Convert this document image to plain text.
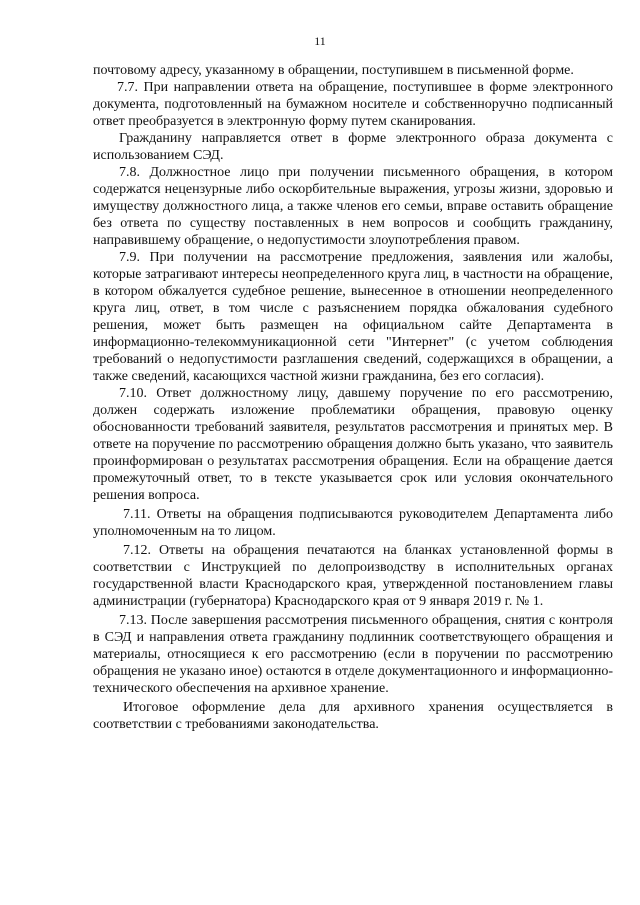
11

почтовому адресу, указанному в обращении, поступившем в письменной форме.

7.7. При направлении ответа на обращение, поступившее в форме электронного документа, подготовленный на бумажном носителе и собственноручно подписанный ответ преобразуется в электронную форму путем сканирования.

Гражданину направляется ответ в форме электронного образа документа с использованием СЭД.

7.8. Должностное лицо при получении письменного обращения, в котором содержатся нецензурные либо оскорбительные выражения, угрозы жизни, здоровью и имуществу должностного лица, а также членов его семьи, вправе оставить обращение без ответа по существу поставленных в нем вопросов и сообщить гражданину, направившему обращение, о недопустимости злоупотребления правом.

7.9. При получении на рассмотрение предложения, заявления или жалобы, которые затрагивают интересы неопределенного круга лиц, в частности на обращение, в котором обжалуется судебное решение, вынесенное в отношении неопределенного круга лиц, ответ, в том числе с разъяснением порядка обжалования судебного решения, может быть размещен на официальном сайте Департамента в информационно-телекоммуникационной сети "Интернет" (с учетом соблюдения требований о недопустимости разглашения сведений, содержащихся в обращении, а также сведений, касающихся частной жизни гражданина, без его согласия).

7.10. Ответ должностному лицу, давшему поручение по его рассмотрению, должен содержать изложение проблематики обращения, правовую оценку обоснованности требований заявителя, результатов рассмотрения и принятых мер. В ответе на поручение по рассмотрению обращения должно быть указано, что заявитель проинформирован о результатах рассмотрения обращения. Если на обращение дается промежуточный ответ, то в тексте указывается срок или условия окончательного решения вопроса.

7.11. Ответы на обращения подписываются руководителем Департамента либо уполномоченным на то лицом.

7.12. Ответы на обращения печатаются на бланках установленной формы в соответствии с Инструкцией по делопроизводству в исполнительных органах государственной власти Краснодарского края, утвержденной постановлением главы администрации (губернатора) Краснодарского края от 9 января 2019 г. № 1.

7.13. После завершения рассмотрения письменного обращения, снятия с контроля в СЭД и направления ответа гражданину подлинник соответствующего обращения и материалы, относящиеся к его рассмотрению (если в поручении по рассмотрению обращения не указано иное) остаются в отделе документационного и информационно-технического обеспечения на архивное хранение.

Итоговое оформление дела для архивного хранения осуществляется в соответствии с требованиями законодательства.
